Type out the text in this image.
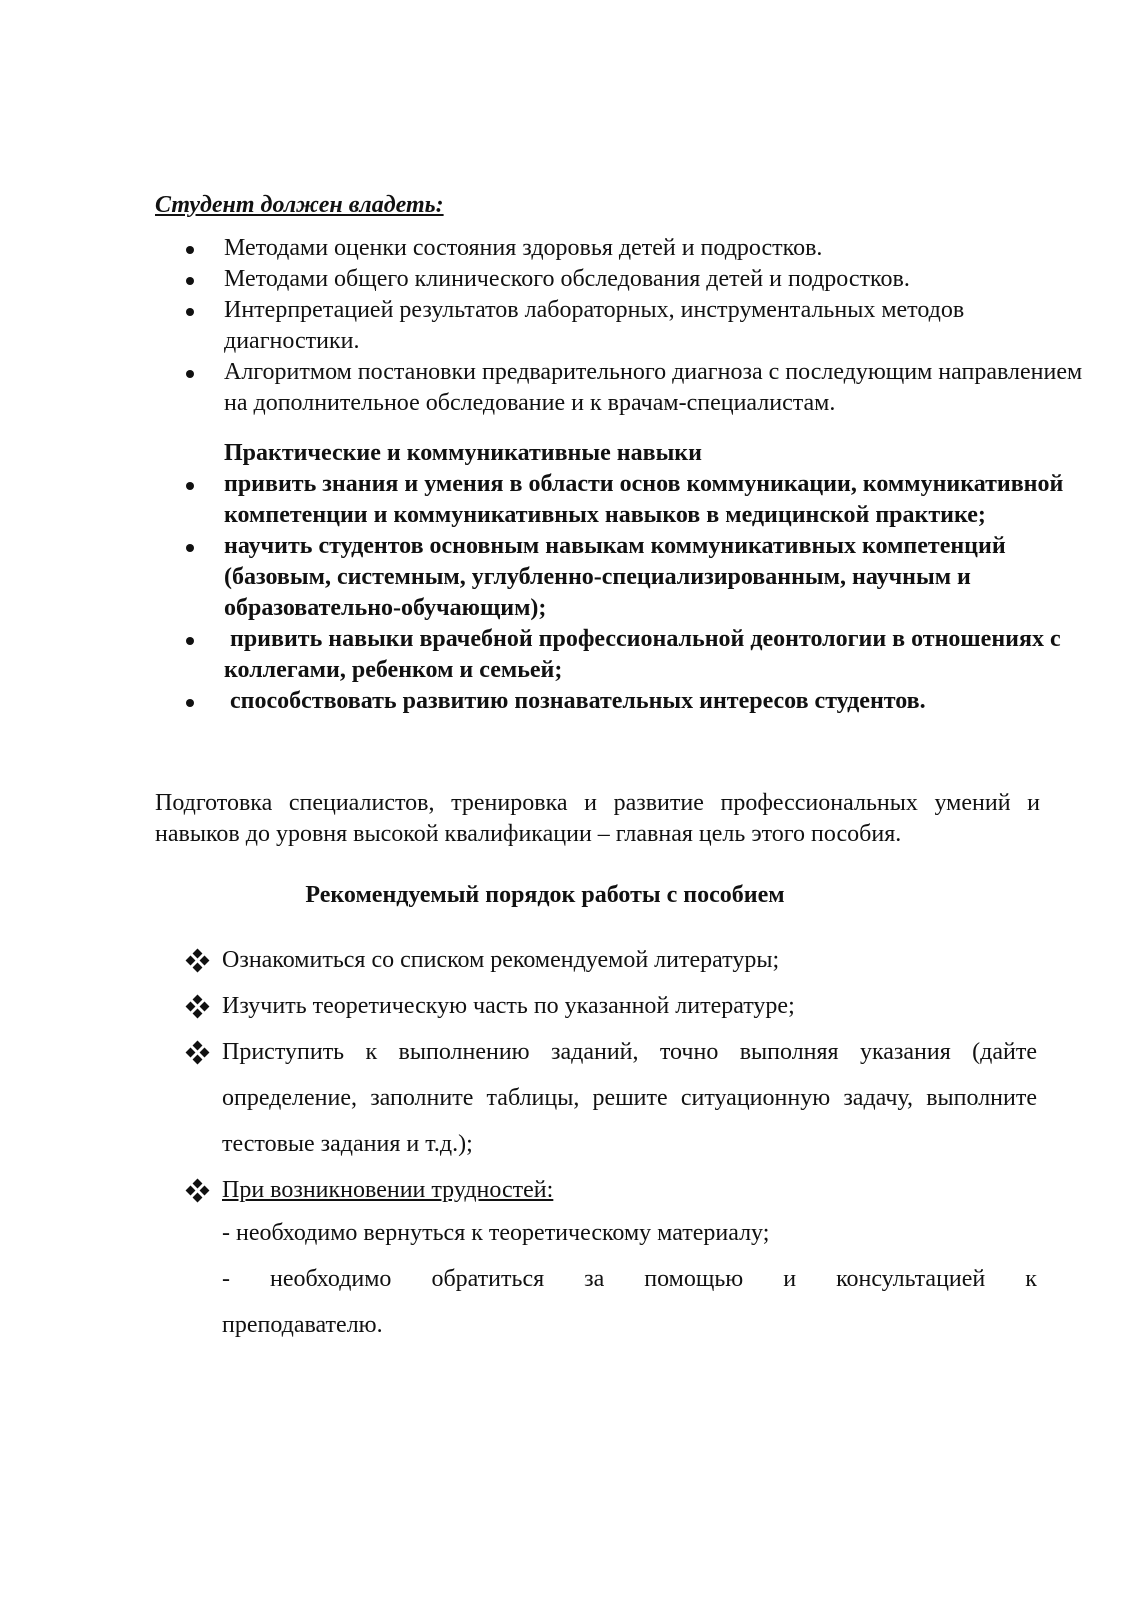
Студент должен владеть:

Методами оценки состояния здоровья детей и подростков.
Методами общего клинического обследования детей и подростков.
Интерпретацией результатов лабораторных, инструментальных методов диагностики.
Алгоритмом постановки предварительного диагноза с последующим направлением на дополнительное обследование и к врачам-специалистам.
Практические и коммуникативные навыки
привить знания и умения в области основ коммуникации, коммуникативной компетенции и коммуникативных навыков в медицинской практике;
научить студентов основным навыкам коммуникативных компетенций (базовым, системным, углубленно-специализированным, научным и образовательно-обучающим);
привить навыки врачебной профессиональной деонтологии в отношениях с коллегами, ребенком и семьей;
способствовать развитию познавательных интересов студентов.
Подготовка специалистов, тренировка и развитие профессиональных умений и навыков до уровня высокой квалификации – главная цель этого пособия.
Рекомендуемый порядок работы с пособием
Ознакомиться со списком рекомендуемой литературы;
Изучить теоретическую часть по указанной литературе;
Приступить к выполнению заданий, точно выполняя указания (дайте определение, заполните таблицы, решите ситуационную задачу, выполните тестовые задания и т.д.);
При возникновении трудностей:
- необходимо вернуться к теоретическому материалу;
- необходимо обратиться за помощью и консультацией к
преподавателю.
